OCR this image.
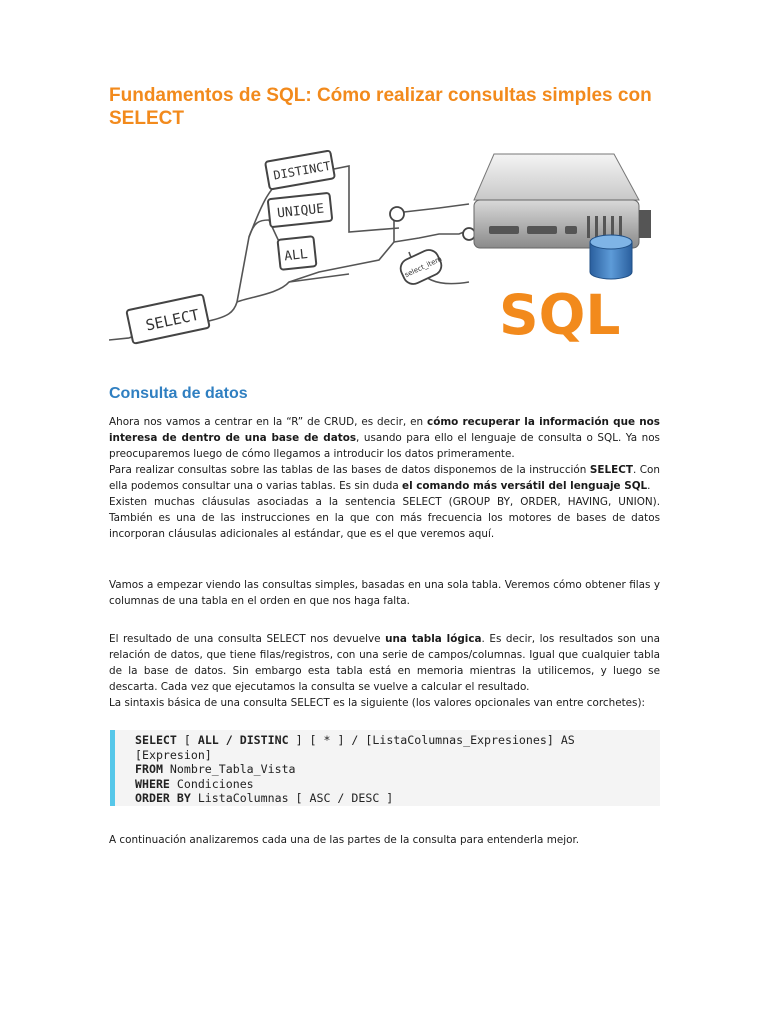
Fundamentos de SQL: Cómo realizar consultas simples con SELECT
SELECT
DISTINCT
UNIQUE
ALL	select_item
SQL
Consulta de datos

Ahora nos vamos a centrar en la “R” de CRUD, es decir, en cómo recuperar la información que nos interesa de dentro de una base de datos, usando para ello el lenguaje de consulta o SQL. Ya nos preocuparemos luego de cómo llegamos a introducir los datos primeramente.

Para realizar consultas sobre las tablas de las bases de datos disponemos de la instrucción SELECT. Con ella podemos consultar una o varias tablas. Es sin duda el comando más versátil del lenguaje SQL.

Existen muchas cláusulas asociadas a la sentencia SELECT (GROUP BY, ORDER, HAVING, UNION). También es una de las instrucciones en la que con más frecuencia los motores de bases de datos incorporan cláusulas adicionales al estándar, que es el que veremos aquí.

Vamos a empezar viendo las consultas simples, basadas en una sola tabla. Veremos cómo obtener filas y columnas de una tabla en el orden en que nos haga falta.

El resultado de una consulta SELECT nos devuelve una tabla lógica. Es decir, los resultados son una relación de datos, que tiene filas/registros, con una serie de campos/columnas. Igual que cualquier tabla de la base de datos. Sin embargo esta tabla está en memoria mientras la utilicemos, y luego se descarta. Cada vez que ejecutamos la consulta se vuelve a calcular el resultado.

La sintaxis básica de una consulta SELECT es la siguiente (los valores opcionales van entre corchetes):

SELECT [ ALL / DISTINC ] [ * ] / [ListaColumnas_Expresiones] AS
[Expresion]
FROM Nombre_Tabla_Vista
WHERE Condiciones
ORDER BY ListaColumnas [ ASC / DESC ]
A continuación analizaremos cada una de las partes de la consulta para entenderla mejor.
